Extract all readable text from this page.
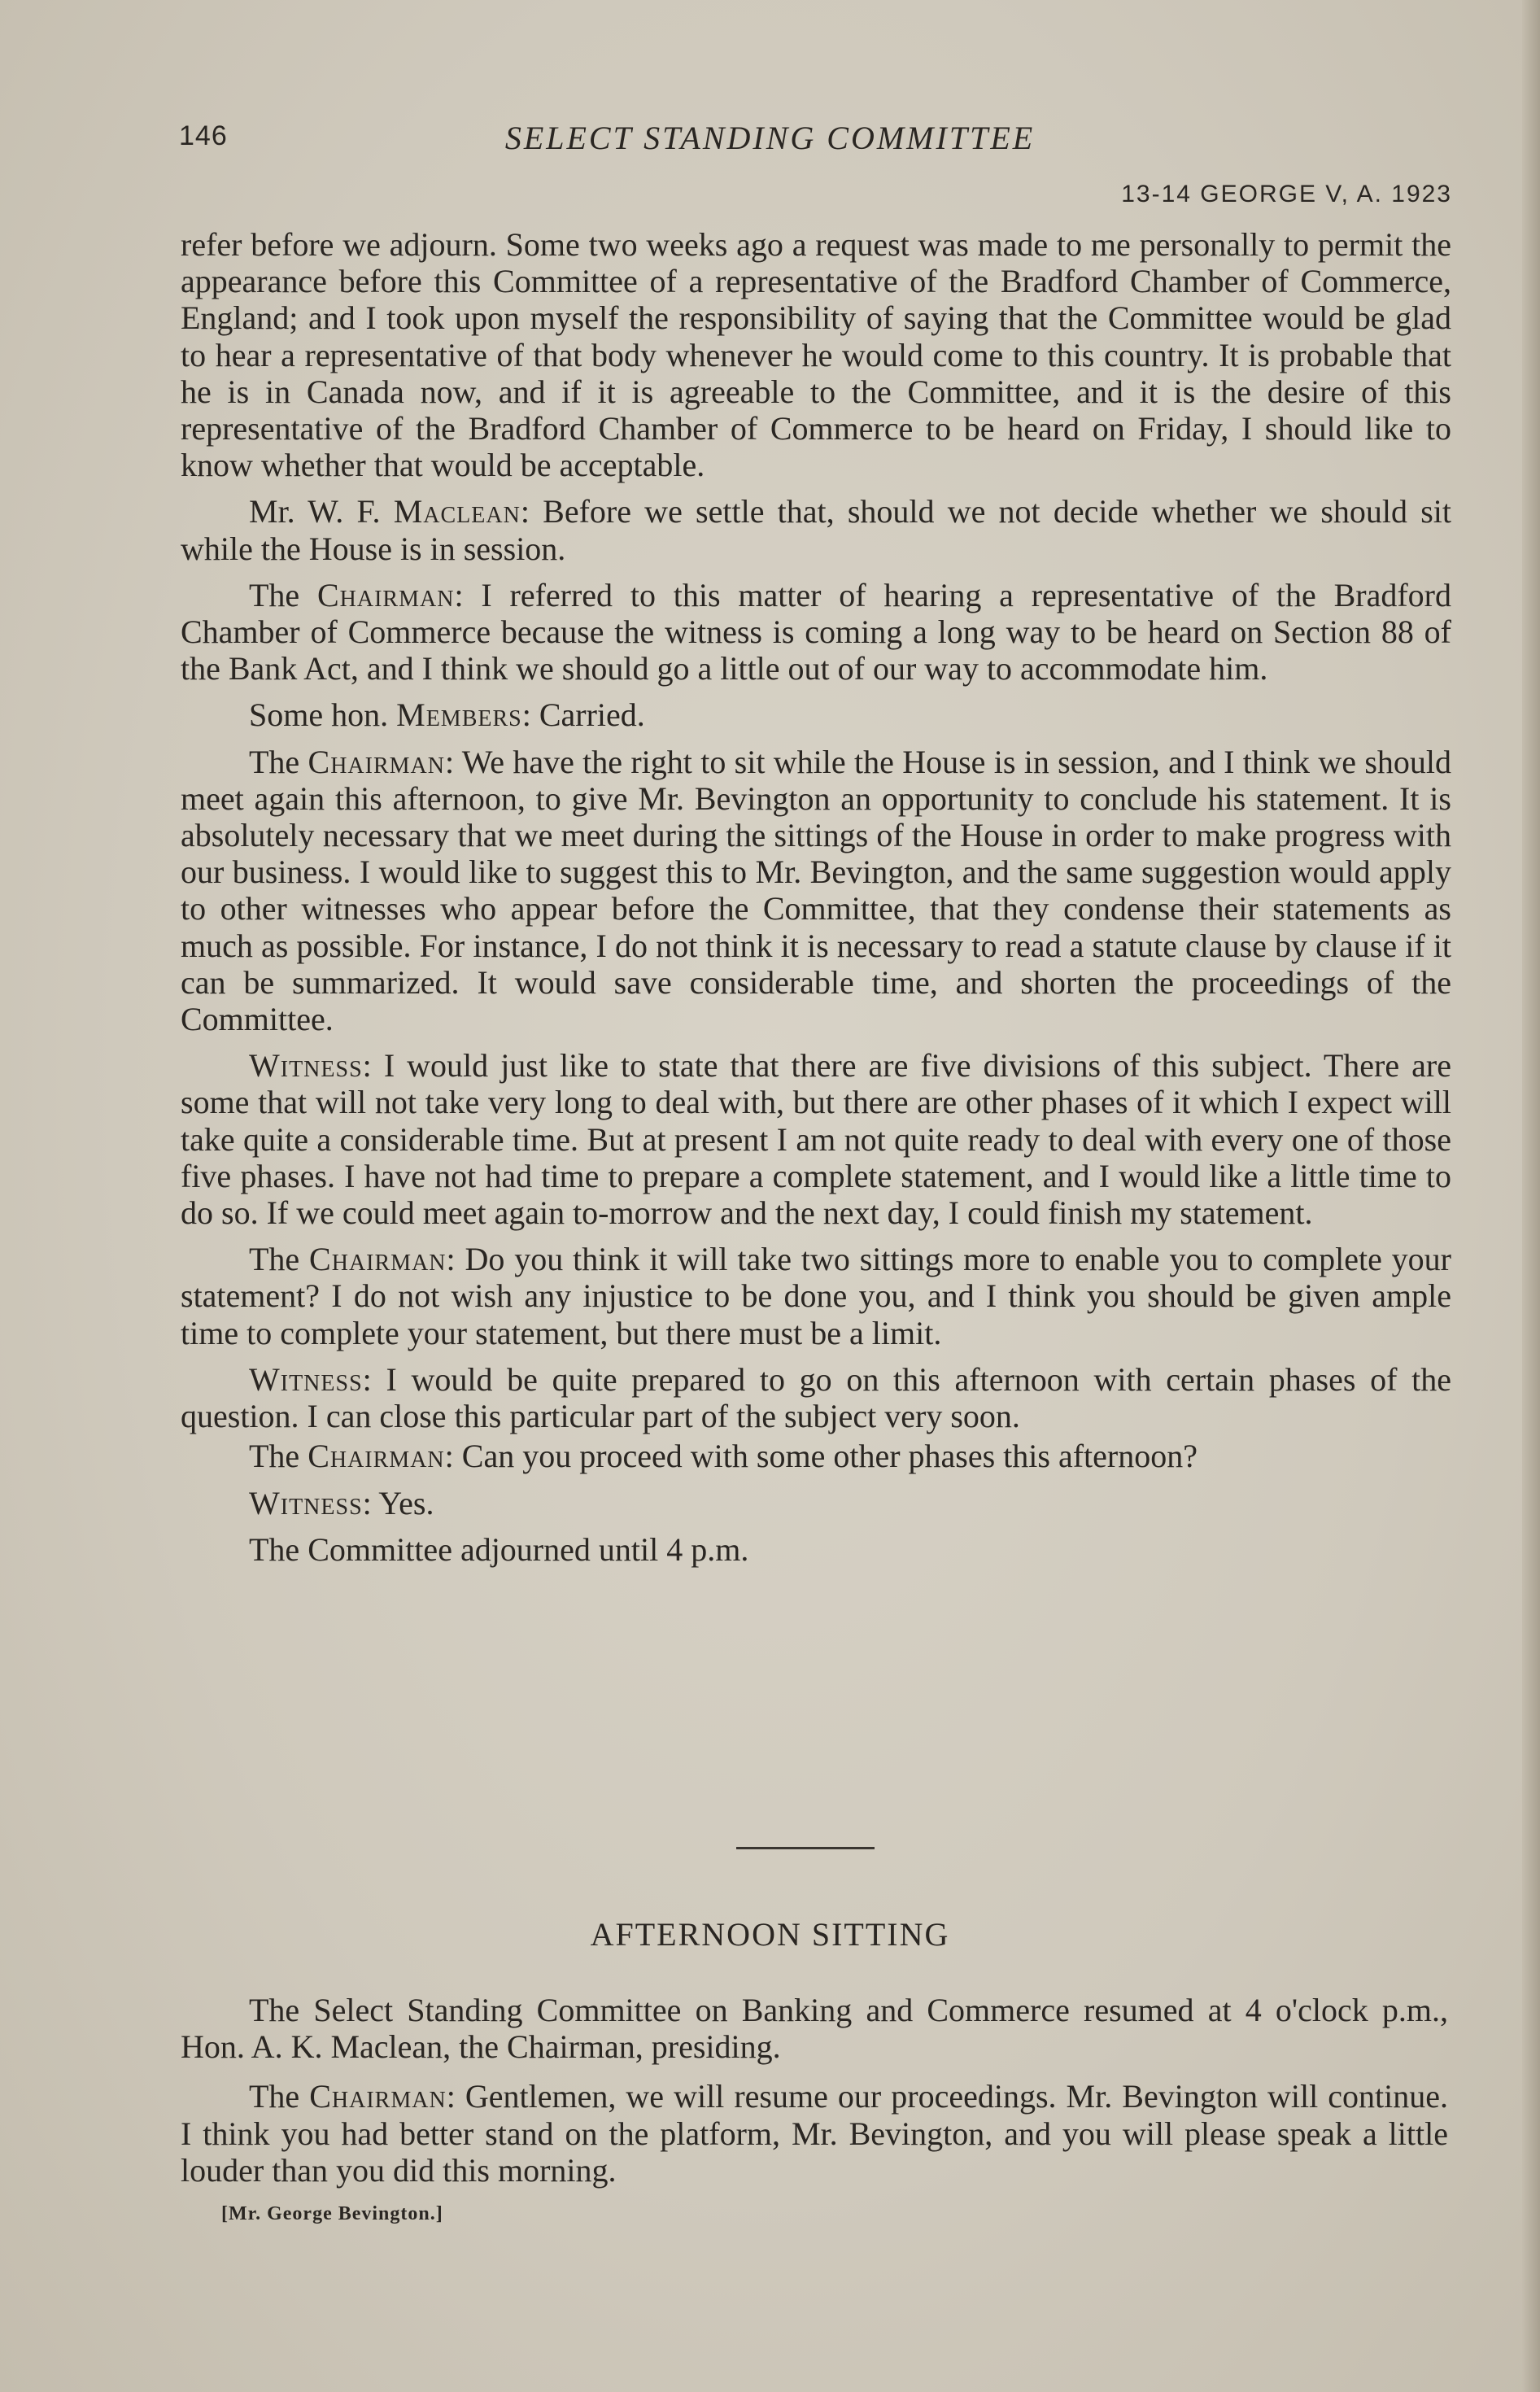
146	SELECT STANDING COMMITTEE
13-14 GEORGE V, A. 1923

refer before we adjourn. Some two weeks ago a request was made to me personally to permit the appearance before this Committee of a representative of the Bradford Chamber of Commerce, England; and I took upon myself the responsibility of saying that the Committee would be glad to hear a representative of that body whenever he would come to this country. It is probable that he is in Canada now, and if it is agreeable to the Committee, and it is the desire of this representative of the Bradford Chamber of Commerce to be heard on Friday, I should like to know whether that would be acceptable.

Mr. W. F. Maclean: Before we settle that, should we not decide whether we should sit while the House is in session.

The Chairman: I referred to this matter of hearing a representative of the Bradford Chamber of Commerce because the witness is coming a long way to be heard on Section 88 of the Bank Act, and I think we should go a little out of our way to accommodate him.

Some hon. Members: Carried.

The Chairman: We have the right to sit while the House is in session, and I think we should meet again this afternoon, to give Mr. Bevington an opportunity to conclude his statement. It is absolutely necessary that we meet during the sittings of the House in order to make progress with our business. I would like to suggest this to Mr. Bevington, and the same suggestion would apply to other witnesses who appear before the Committee, that they condense their statements as much as possible. For instance, I do not think it is necessary to read a statute clause by clause if it can be summarized. It would save considerable time, and shorten the proceedings of the Committee.

Witness: I would just like to state that there are five divisions of this subject. There are some that will not take very long to deal with, but there are other phases of it which I expect will take quite a considerable time. But at present I am not quite ready to deal with every one of those five phases. I have not had time to prepare a complete statement, and I would like a little time to do so. If we could meet again to-morrow and the next day, I could finish my statement.

The Chairman: Do you think it will take two sittings more to enable you to complete your statement? I do not wish any injustice to be done you, and I think you should be given ample time to complete your statement, but there must be a limit.

Witness: I would be quite prepared to go on this afternoon with certain phases of the question. I can close this particular part of the subject very soon.

The Chairman: Can you proceed with some other phases this afternoon?

Witness: Yes.

The Committee adjourned until 4 p.m.

AFTERNOON SITTING

The Select Standing Committee on Banking and Commerce resumed at 4 o'clock p.m., Hon. A. K. Maclean, the Chairman, presiding.

The Chairman: Gentlemen, we will resume our proceedings. Mr. Bevington will continue. I think you had better stand on the platform, Mr. Bevington, and you will please speak a little louder than you did this morning.

[Mr. George Bevington.]
